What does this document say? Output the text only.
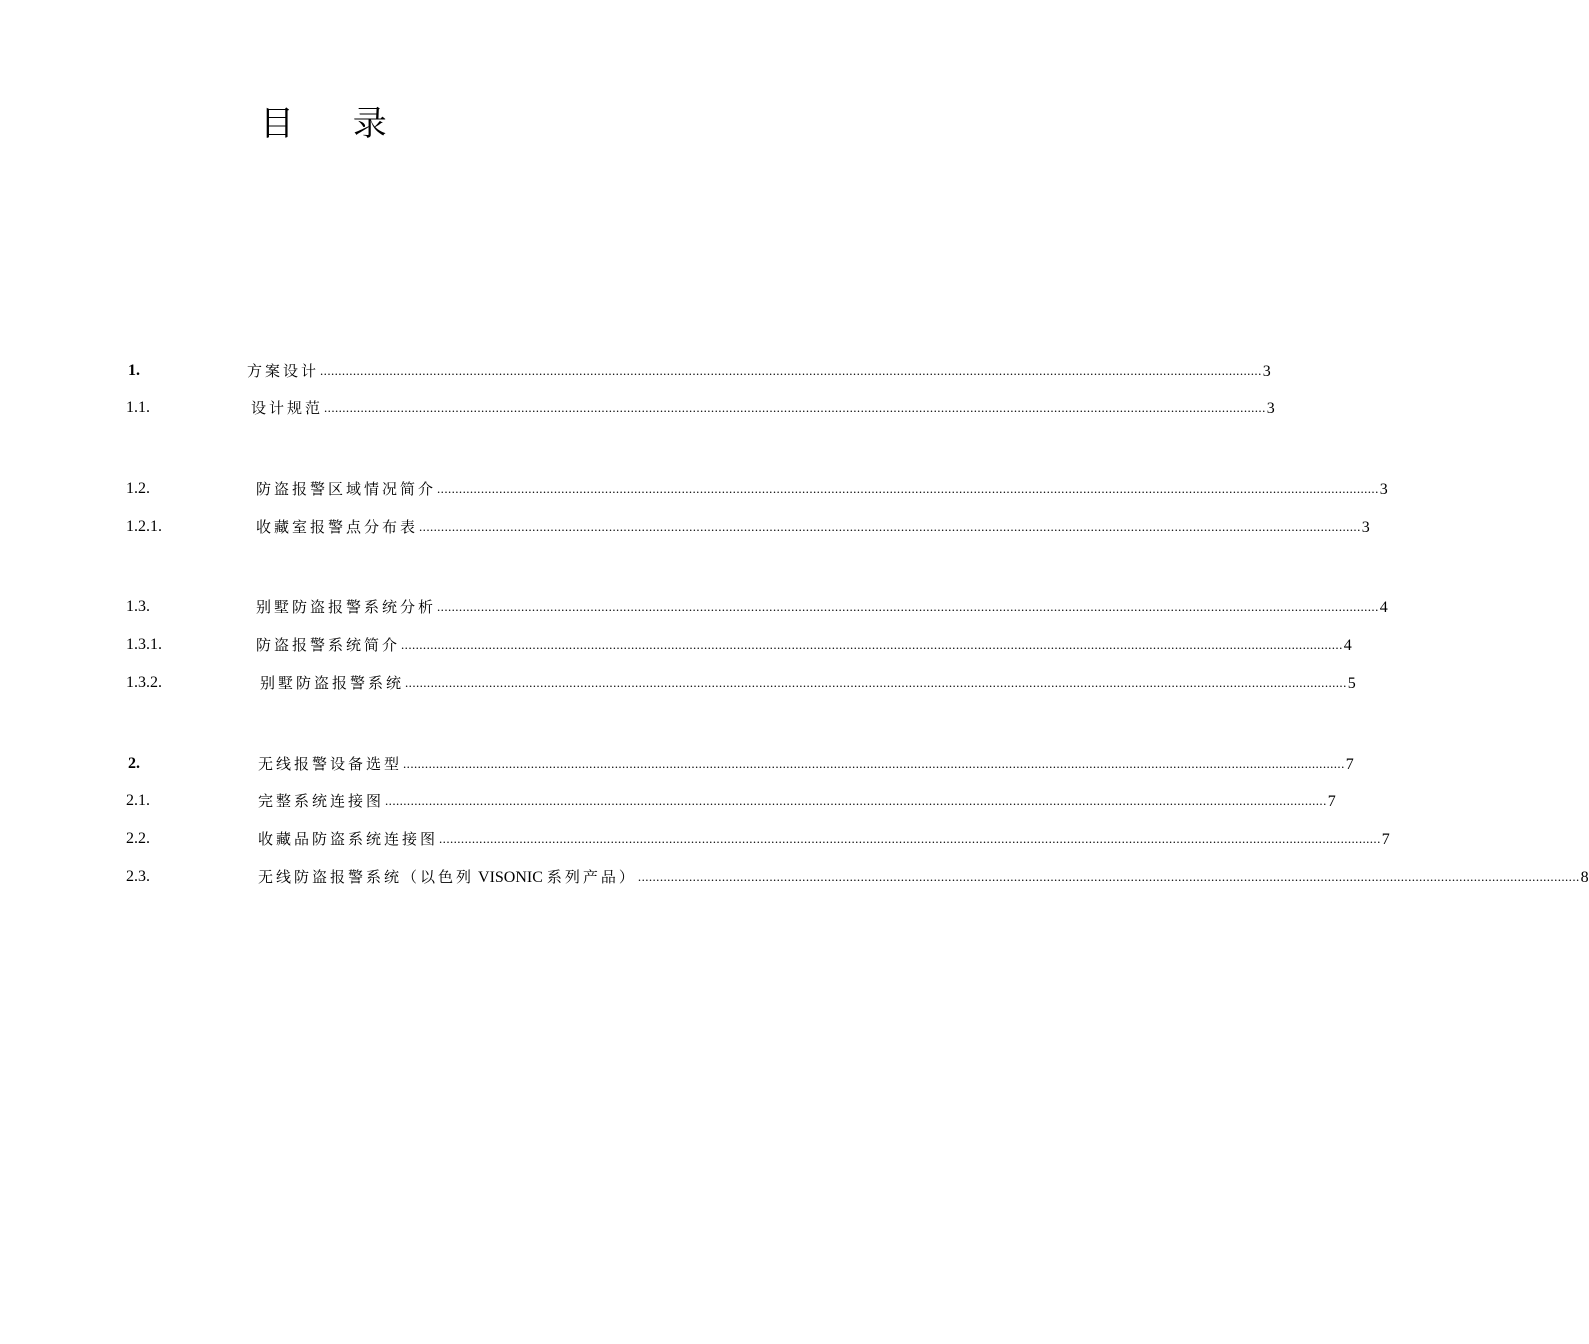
目 录
1.	方案设计 .................................................................................................................................................................................................................................................................. 3
1.1.	设计规范 .................................................................................................................................................................................................................................................................. 3
1.2.	防盗报警区域情况简介 .................................................................................................................................................................................................................................................................. 3
1.2.1.	收藏室报警点分布表 .................................................................................................................................................................................................................................................................. 3
1.3.	别墅防盗报警系统分析 .................................................................................................................................................................................................................................................................. 4
1.3.1.	防盗报警系统简介 .................................................................................................................................................................................................................................................................. 4
1.3.2.	别墅防盗报警系统 .................................................................................................................................................................................................................................................................. 5
2.	无线报警设备选型 .................................................................................................................................................................................................................................................................. 7
2.1.	完整系统连接图 .................................................................................................................................................................................................................................................................. 7
2.2.	收藏品防盗系统连接图 .................................................................................................................................................................................................................................................................. 7
2.3.	无线防盗报警系统（以色列 VISONIC 系列产品） .................................................................................................................................................................................................................................................................. 8
